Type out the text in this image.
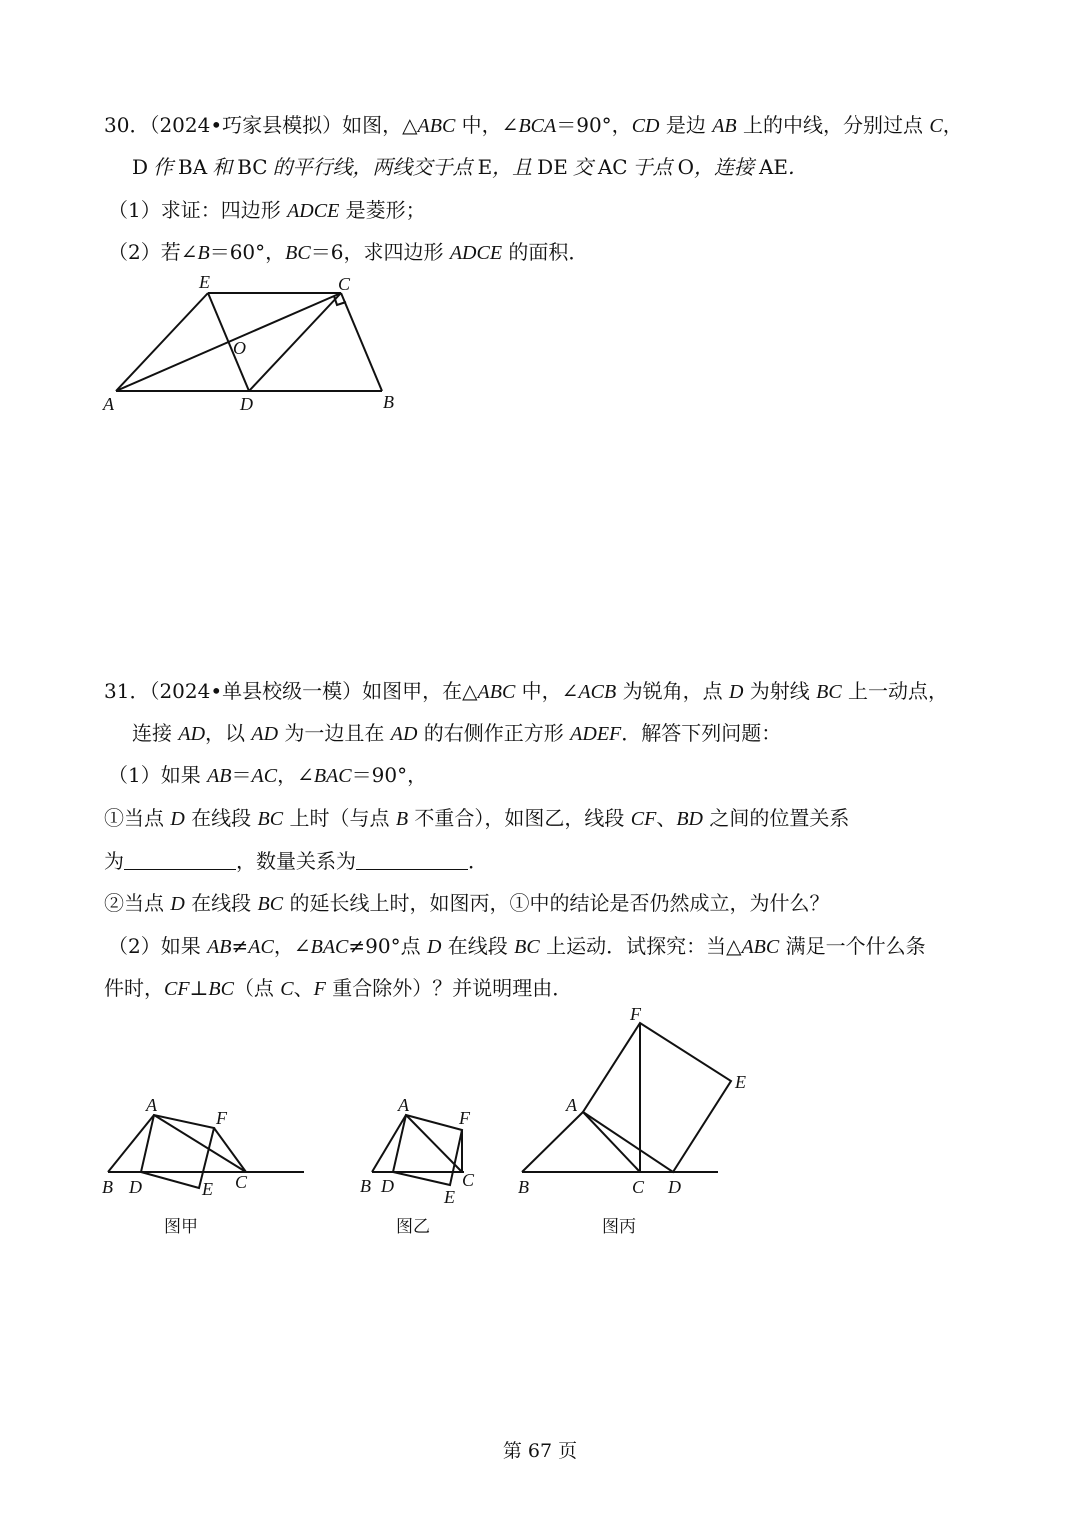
30．（2024•巧家县模拟）如图，△ABC 中，∠BCA＝90°，CD 是边 AB 上的中线，分别过点 C，
D 作 BA 和 BC 的平行线，两线交于点 E，且 DE 交 AC 于点 O，连接 AE．
（1）求证：四边形 ADCE 是菱形；
（2）若∠B＝60°，BC＝6，求四边形 ADCE 的面积．
E	C
O
A	D	B
31．（2024•单县校级一模）如图甲，在△ABC 中，∠ACB 为锐角，点 D 为射线 BC 上一动点，
连接 AD，以 AD 为一边且在 AD 的右侧作正方形 ADEF．解答下列问题：
（1）如果 AB＝AC，∠BAC＝90°，
①当点 D 在线段 BC 上时（与点 B 不重合），如图乙，线段 CF、BD 之间的位置关系
为	，数量关系为	．
②当点 D 在线段 BC 的延长线上时，如图丙，①中的结论是否仍然成立，为什么？
（2）如果 AB≠AC，∠BAC≠90°点 D 在线段 BC 上运动．试探究：当△ABC 满足一个什么条
件时，CF⊥BC（点 C、F 重合除外）？并说明理由．
A
F
B D	E C
图甲
A
F
B D	C
E
图乙
F
E
A
B	C D
图丙
第 67 页
